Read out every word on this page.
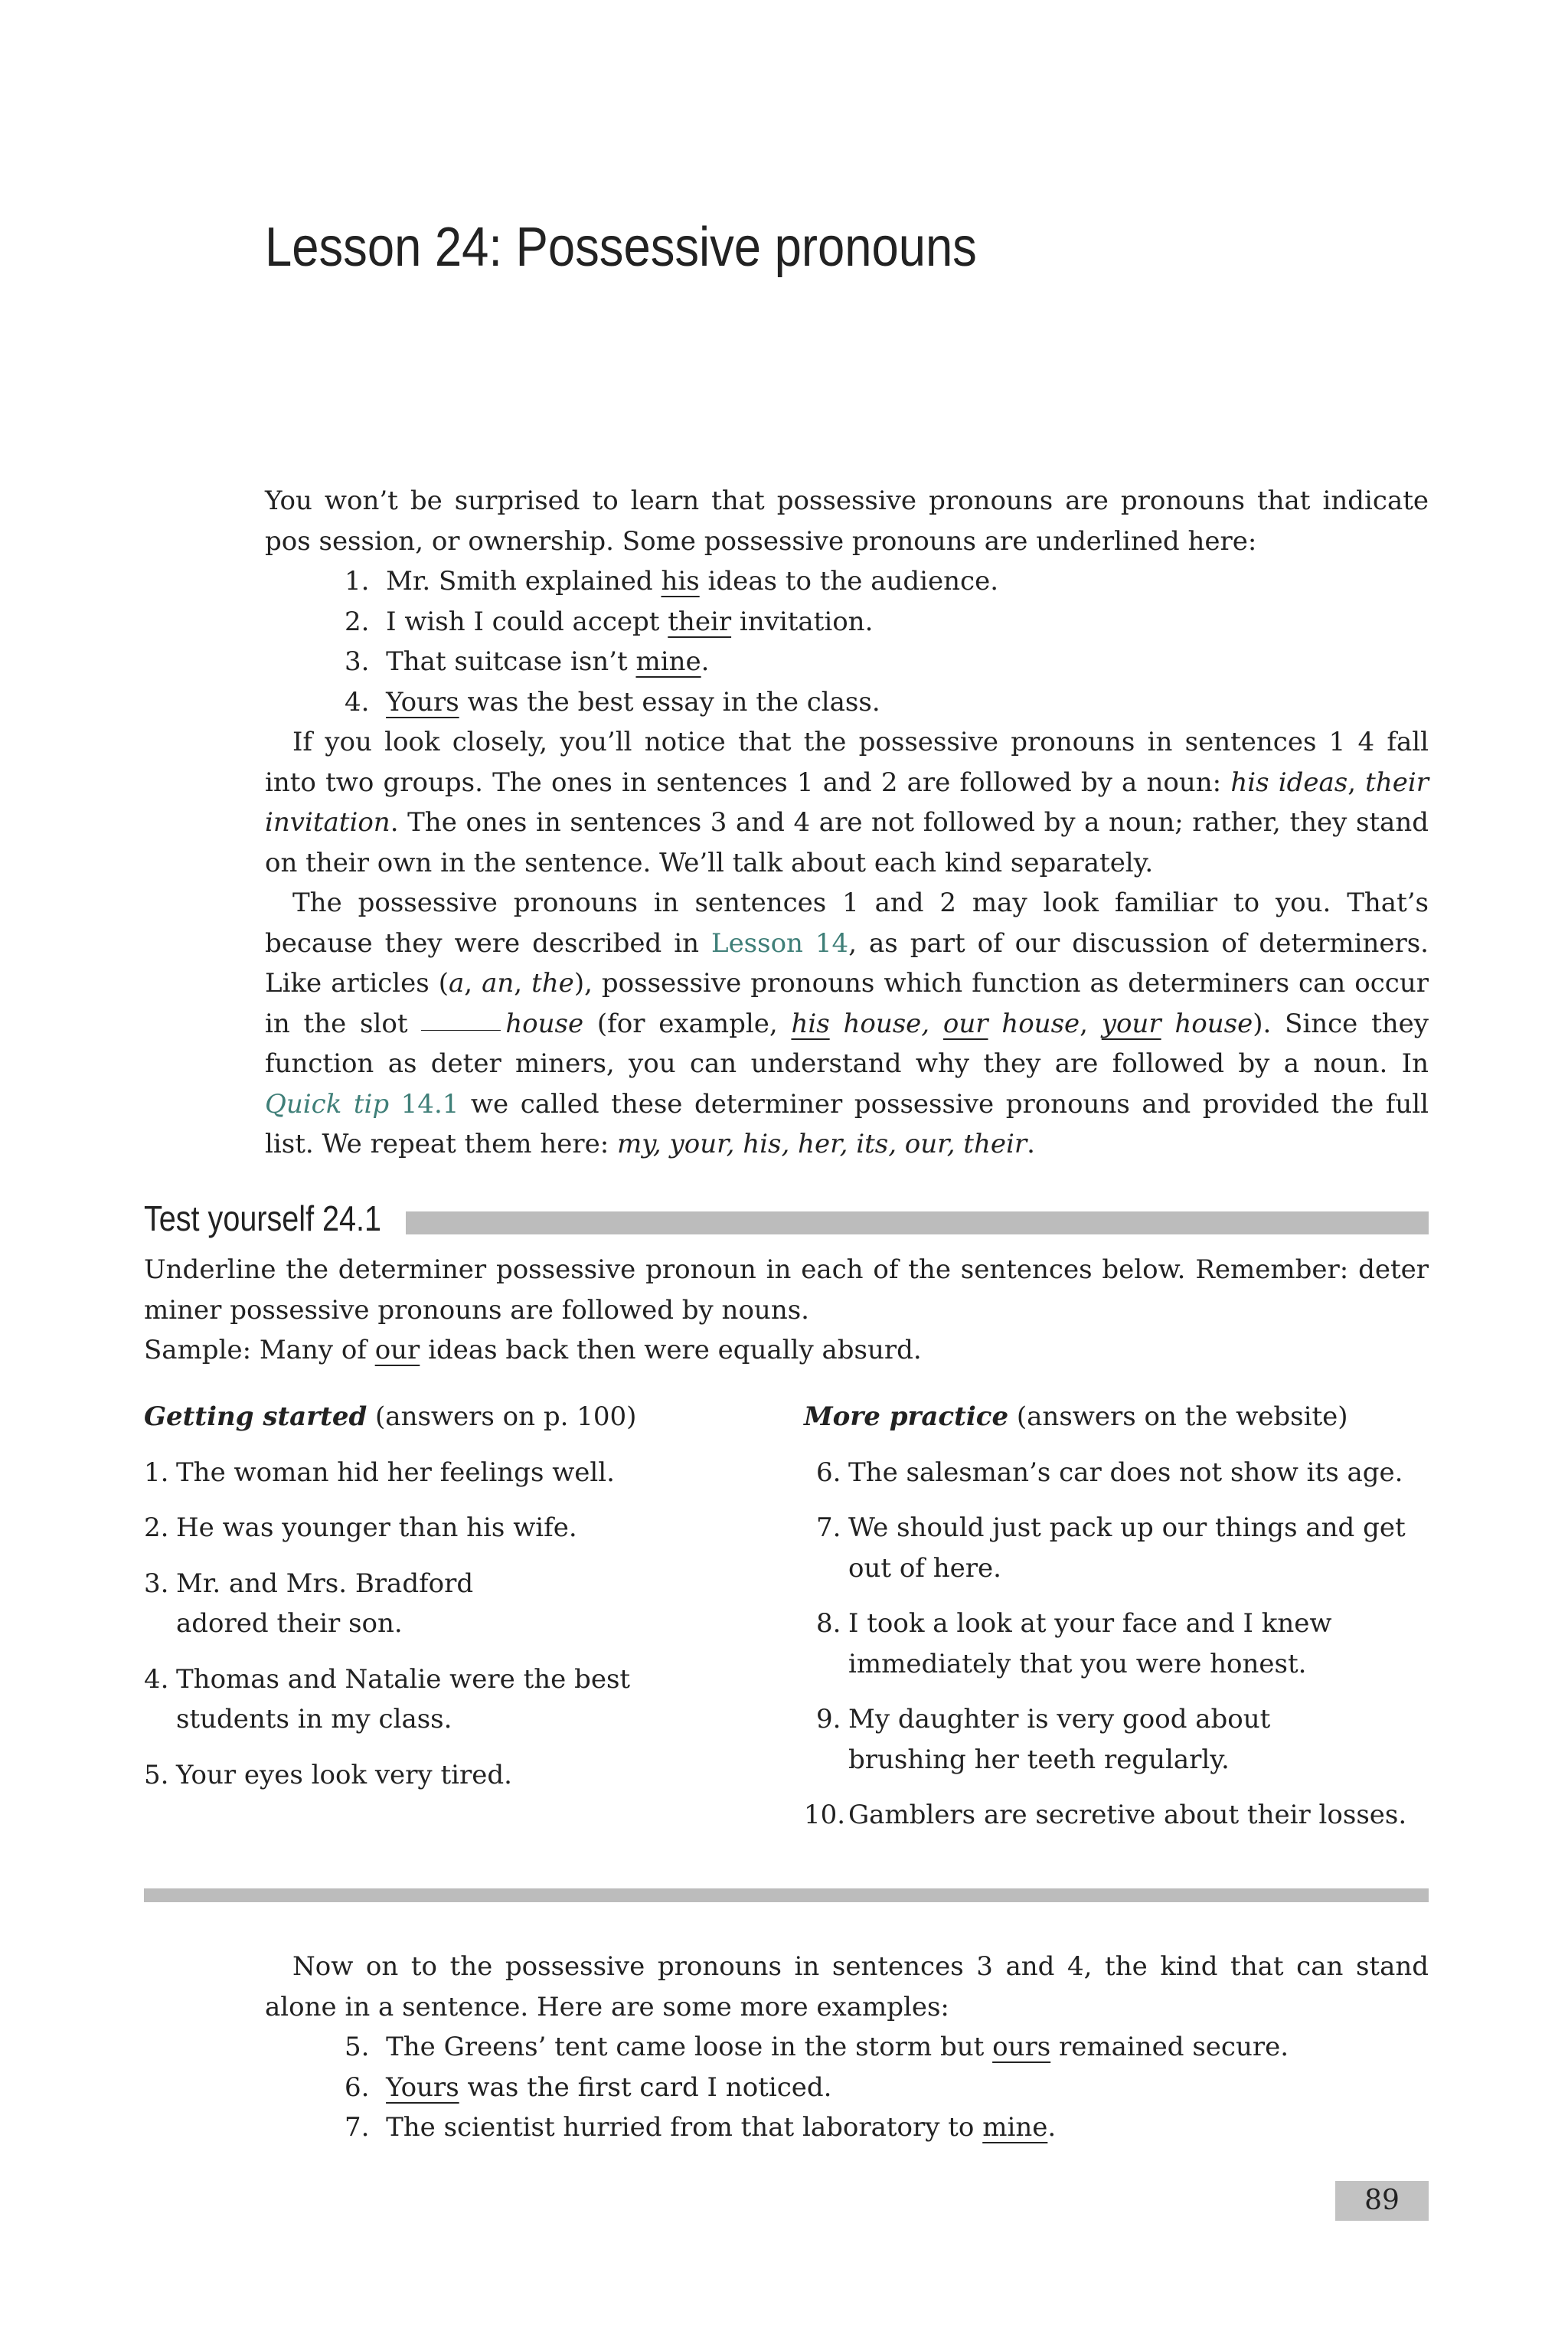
Lesson 24: Possessive pronouns

You won’t be surprised to learn that possessive pronouns are pronouns that indicate pos session, or ownership. Some possessive pronouns are underlined here:

1. Mr. Smith explained his ideas to the audience.
2. I wish I could accept their invitation.
3. That suitcase isn’t mine.
4. Yours was the best essay in the class.

If you look closely, you’ll notice that the possessive pronouns in sentences 1 4 fall into two groups. The ones in sentences 1 and 2 are followed by a noun: his ideas, their invitation. The ones in sentences 3 and 4 are not followed by a noun; rather, they stand on their own in the sentence. We’ll talk about each kind separately.

The possessive pronouns in sentences 1 and 2 may look familiar to you. That’s because they were described in Lesson 14, as part of our discussion of determiners. Like articles (a, an, the), possessive pronouns which function as determiners can occur in the slot	house (for example, his house, our house, your house). Since they function as deter miners, you can understand why they are followed by a noun. In Quick tip 14.1 we called these determiner possessive pronouns and provided the full list. We repeat them here: my, your, his, her, its, our, their.

Test yourself 24.1

Underline the determiner possessive pronoun in each of the sentences below. Remember: deter miner possessive pronouns are followed by nouns.

Sample: Many of our ideas back then were equally absurd.

Getting started (answers on p. 100)
1. The woman hid her feelings well.
2. He was younger than his wife.
3. Mr. and Mrs. Bradford adored their son.
4. Thomas and Natalie were the best students in my class.
5. Your eyes look very tired.
More practice (answers on the website)
6. The salesman’s car does not show its age.
7. We should just pack up our things and get out of here.
8. I took a look at your face and I knew immediately that you were honest.
9. My daughter is very good about brushing her teeth regularly.
10. Gamblers are secretive about their losses.

Now on to the possessive pronouns in sentences 3 and 4, the kind that can stand alone in a sentence. Here are some more examples:

5. The Greens’ tent came loose in the storm but ours remained secure.
6. Yours was the first card I noticed.
7. The scientist hurried from that laboratory to mine.
89
